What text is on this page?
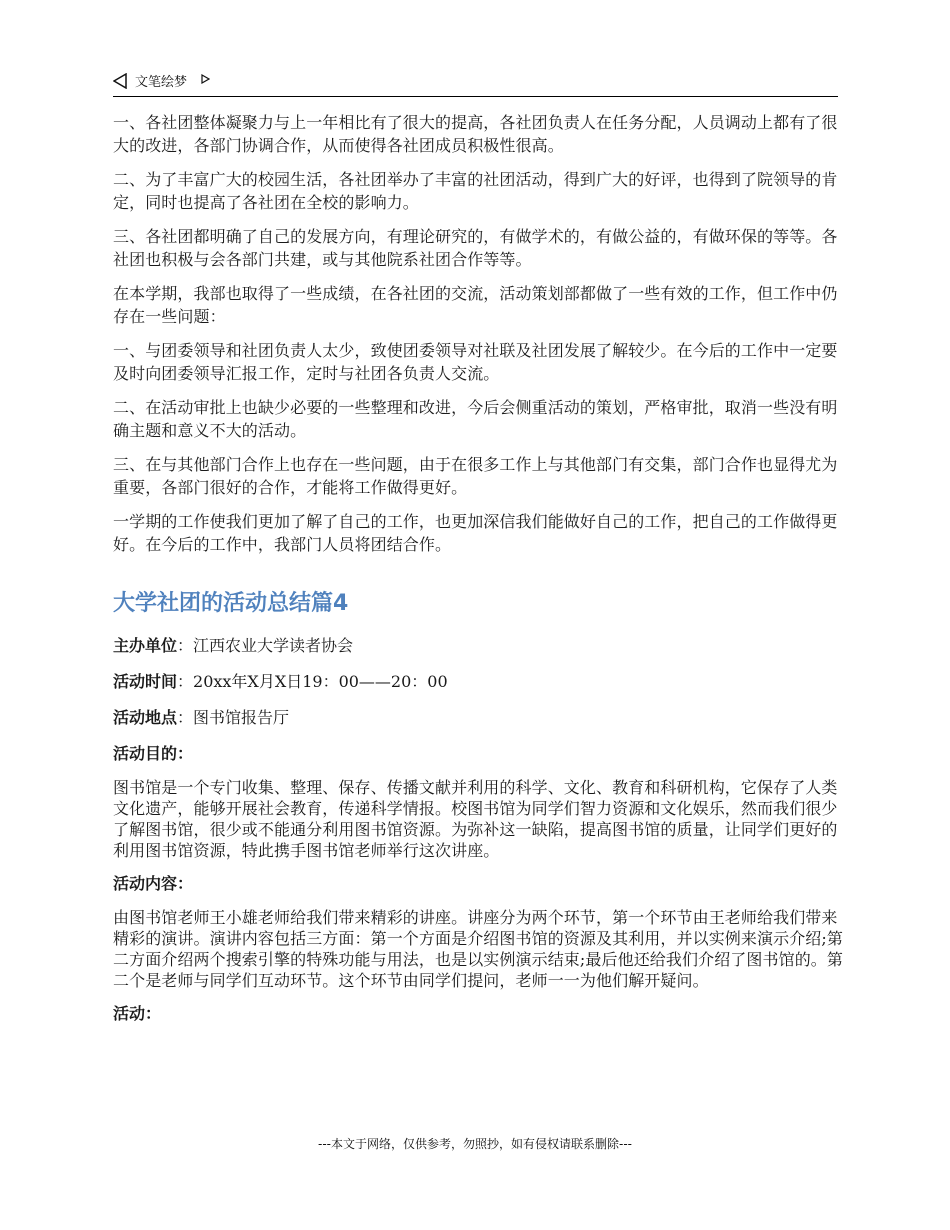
文笔绘梦

一、各社团整体凝聚力与上一年相比有了很大的提高，各社团负责人在任务分配，人员调动上都有了很大的改进，各部门协调合作，从而使得各社团成员积极性很高。

二、为了丰富广大的校园生活，各社团举办了丰富的社团活动，得到广大的好评，也得到了院领导的肯定，同时也提高了各社团在全校的影响力。

三、各社团都明确了自己的发展方向，有理论研究的，有做学术的，有做公益的，有做环保的等等。各社团也积极与会各部门共建，或与其他院系社团合作等等。

在本学期，我部也取得了一些成绩，在各社团的交流，活动策划部都做了一些有效的工作，但工作中仍存在一些问题：

一、与团委领导和社团负责人太少，致使团委领导对社联及社团发展了解较少。在今后的工作中一定要及时向团委领导汇报工作，定时与社团各负责人交流。

二、在活动审批上也缺少必要的一些整理和改进，今后会侧重活动的策划，严格审批，取消一些没有明确主题和意义不大的活动。

三、在与其他部门合作上也存在一些问题，由于在很多工作上与其他部门有交集，部门合作也显得尤为重要，各部门很好的合作，才能将工作做得更好。

一学期的工作使我们更加了解了自己的工作，也更加深信我们能做好自己的工作，把自己的工作做得更好。在今后的工作中，我部门人员将团结合作。

大学社团的活动总结篇4

主办单位：江西农业大学读者协会

活动时间：20xx年X月X日19：00——20：00

活动地点：图书馆报告厅

活动目的：

图书馆是一个专门收集、整理、保存、传播文献并利用的科学、文化、教育和科研机构，它保存了人类文化遗产，能够开展社会教育，传递科学情报。校图书馆为同学们智力资源和文化娱乐，然而我们很少了解图书馆，很少或不能通分利用图书馆资源。为弥补这一缺陷，提高图书馆的质量，让同学们更好的利用图书馆资源，特此携手图书馆老师举行这次讲座。

活动内容：

由图书馆老师王小雄老师给我们带来精彩的讲座。讲座分为两个环节，第一个环节由王老师给我们带来精彩的演讲。演讲内容包括三方面：第一个方面是介绍图书馆的资源及其利用，并以实例来演示介绍;第二方面介绍两个搜索引擎的特殊功能与用法，也是以实例演示结束;最后他还给我们介绍了图书馆的。第二个是老师与同学们互动环节。这个环节由同学们提问，老师一一为他们解开疑问。

活动：

---本文于网络，仅供参考，勿照抄，如有侵权请联系删除---
